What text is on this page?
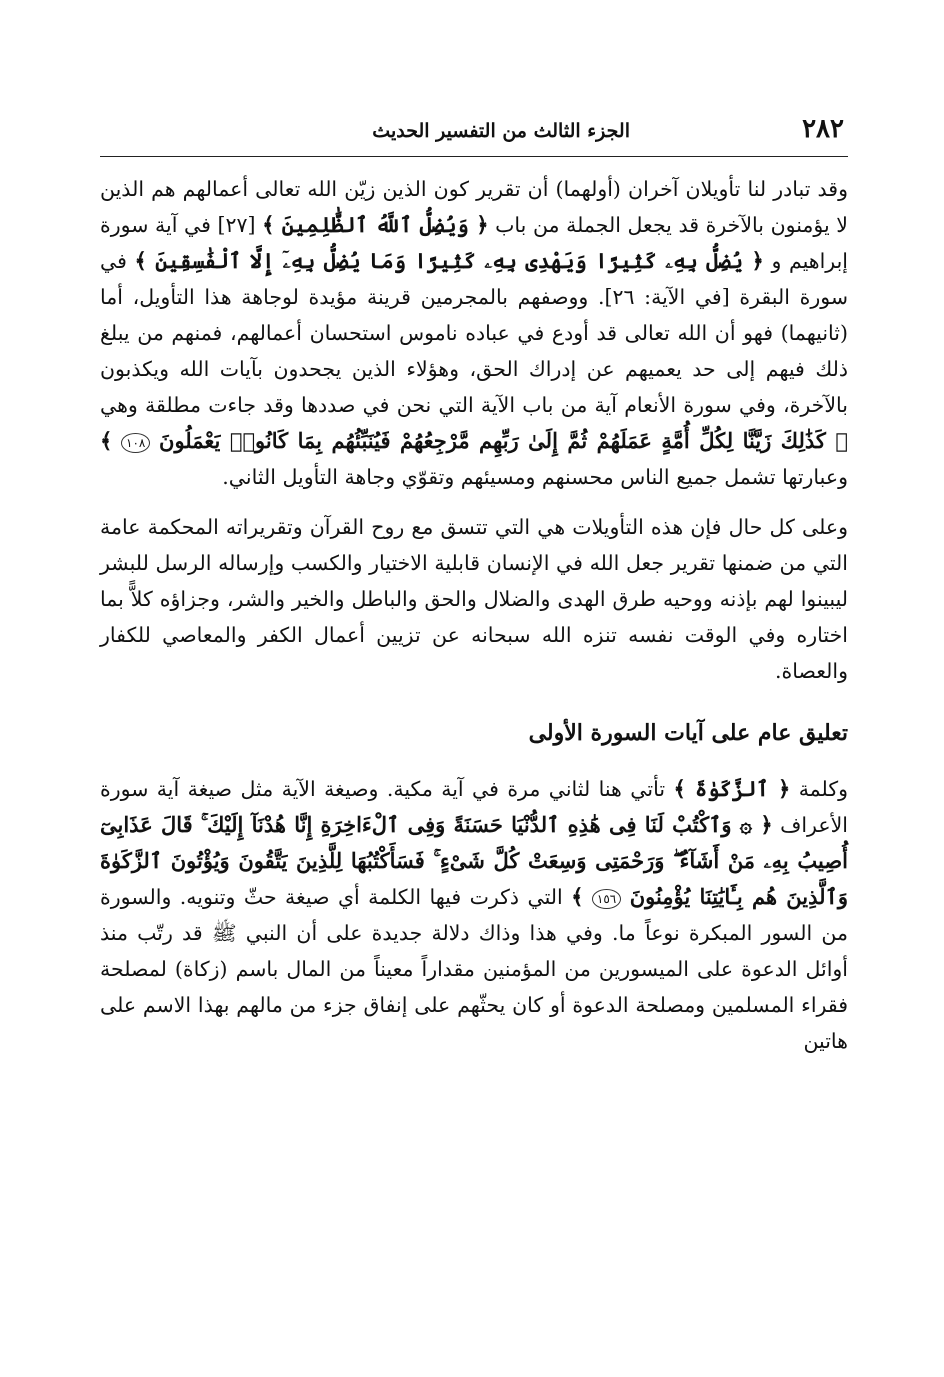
٢٨٢
الجزء الثالث من التفسير الحديث

وقد تبادر لنا تأويلان آخران (أولهما) أن تقرير كون الذين زيّن الله تعالى أعمالهم هم الذين لا يؤمنون بالآخرة قد يجعل الجملة من باب ﴿ وَيُضِلُّ ٱللَّهُ ٱلظَّٰلِمِينَ ﴾ [٢٧] في آية سورة إبراهيم و ﴿ يُضِلُّ بِهِۦ كَثِيرًا وَيَهْدِى بِهِۦ كَثِيرًا وَمَا يُضِلُّ بِهِۦٓ إِلَّا ٱلْفَٰسِقِينَ ﴾ في سورة البقرة [في الآية: ٢٦]. ووصفهم بالمجرمين قرينة مؤيدة لوجاهة هذا التأويل، أما (ثانيهما) فهو أن الله تعالى قد أودع في عباده ناموس استحسان أعمالهم، فمنهم من يبلغ ذلك فيهم إلى حد يعميهم عن إدراك الحق، وهؤلاء الذين يجحدون بآيات الله ويكذبون بالآخرة، وفي سورة الأنعام آية من باب الآية التي نحن في صددها وقد جاءت مطلقة وهي ﴿ كَذَٰلِكَ زَيَّنَّا لِكُلِّ أُمَّةٍ عَمَلَهُمْ ثُمَّ إِلَىٰ رَبِّهِم مَّرْجِعُهُمْ فَيُنَبِّئُهُم بِمَا كَانُوا۟ يَعْمَلُونَ ١٠٨ ﴾ وعبارتها تشمل جميع الناس محسنهم ومسيئهم وتقوّي وجاهة التأويل الثاني.

وعلى كل حال فإن هذه التأويلات هي التي تتسق مع روح القرآن وتقريراته المحكمة عامة التي من ضمنها تقرير جعل الله في الإنسان قابلية الاختيار والكسب وإرساله الرسل للبشر ليبينوا لهم بإذنه ووحيه طرق الهدى والضلال والحق والباطل والخير والشر، وجزاؤه كلاًّ بما اختاره وفي الوقت نفسه تنزه الله سبحانه عن تزيين أعمال الكفر والمعاصي للكفار والعصاة.

تعليق عام على آيات السورة الأولى

وكلمة ﴿ ٱلزَّكَوٰةَ ﴾ تأتي هنا لثاني مرة في آية مكية. وصيغة الآية مثل صيغة آية سورة الأعراف ﴿ ۞ وَٱكْتُبْ لَنَا فِى هَٰذِهِ ٱلدُّنْيَا حَسَنَةً وَفِى ٱلْءَاخِرَةِ إِنَّا هُدْنَآ إِلَيْكَ ۚ قَالَ عَذَابِىٓ أُصِيبُ بِهِۦ مَنْ أَشَآءُ ۖ وَرَحْمَتِى وَسِعَتْ كُلَّ شَىْءٍ ۚ فَسَأَكْتُبُهَا لِلَّذِينَ يَتَّقُونَ وَيُؤْتُونَ ٱلزَّكَوٰةَ وَٱلَّذِينَ هُم بِـَٔايَٰتِنَا يُؤْمِنُونَ ١٥٦ ﴾ التي ذكرت فيها الكلمة أي صيغة حثّ وتنويه. والسورة من السور المبكرة نوعاً ما. وفي هذا وذاك دلالة جديدة على أن النبي ﷺ قد رتّب منذ أوائل الدعوة على الميسورين من المؤمنين مقداراً معيناً من المال باسم (زكاة) لمصلحة فقراء المسلمين ومصلحة الدعوة أو كان يحثّهم على إنفاق جزء من مالهم بهذا الاسم على هاتين
